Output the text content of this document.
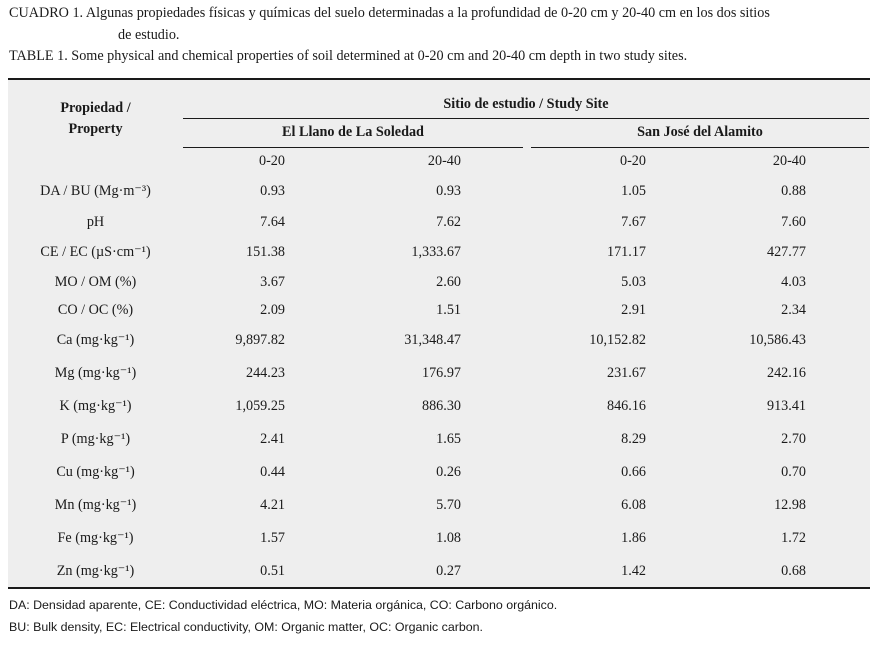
CUADRO 1. Algunas propiedades físicas y químicas del suelo determinadas a la profundidad de 0-20 cm y 20-40 cm en los dos sitios
de estudio.
TABLE 1. Some physical and chemical properties of soil determined at 0-20 cm and 20-40 cm depth in two study sites.
Propiedad /
Property
Sitio de estudio / Study Site
El Llano de La Soledad	San José del Alamito
0-20	20-40	0-20	20-40
DA / BU (Mg·m⁻³)	0.93	0.93	1.05	0.88
pH	7.64	7.62	7.67	7.60
CE / EC (µS·cm⁻¹)	151.38	1,333.67	171.17	427.77
MO / OM (%)	3.67	2.60	5.03	4.03
CO / OC (%)	2.09	1.51	2.91	2.34
Ca (mg·kg⁻¹)	9,897.82	31,348.47	10,152.82	10,586.43
Mg (mg·kg⁻¹)	244.23	176.97	231.67	242.16
K (mg·kg⁻¹)	1,059.25	886.30	846.16	913.41
P (mg·kg⁻¹)	2.41	1.65	8.29	2.70
Cu (mg·kg⁻¹)	0.44	0.26	0.66	0.70
Mn (mg·kg⁻¹)	4.21	5.70	6.08	12.98
Fe (mg·kg⁻¹)	1.57	1.08	1.86	1.72
Zn (mg·kg⁻¹)	0.51	0.27	1.42	0.68
DA: Densidad aparente, CE: Conductividad eléctrica, MO: Materia orgánica, CO: Carbono orgánico.
BU: Bulk density, EC: Electrical conductivity, OM: Organic matter, OC: Organic carbon.
